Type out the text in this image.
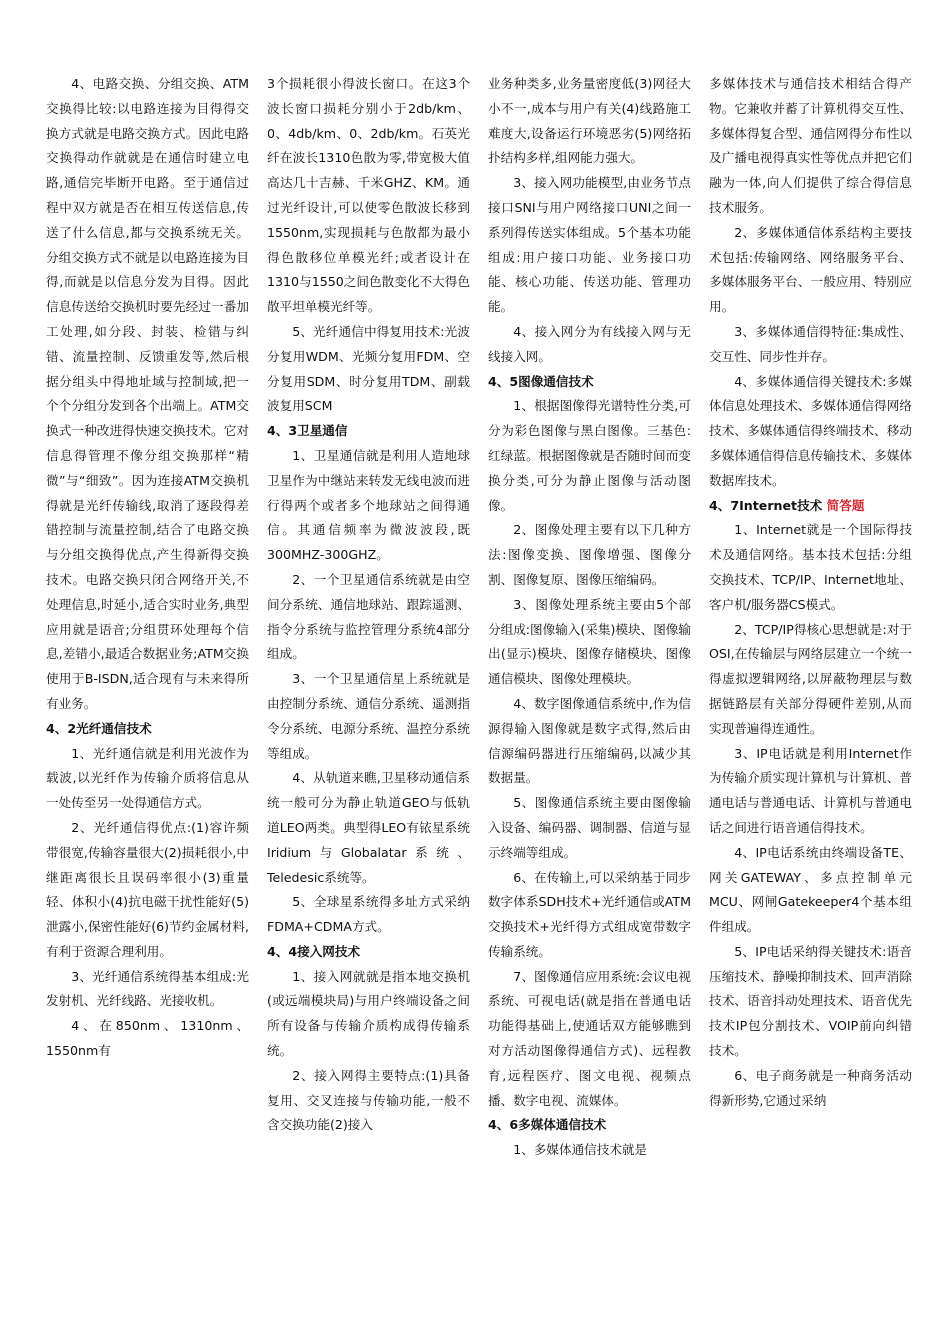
4、电路交换、分组交换、ATM交换得比较:以电路连接为目得得交换方式就是电路交换方式。因此电路交换得动作就就是在通信时建立电路,通信完毕断开电路。至于通信过程中双方就是否在相互传送信息,传送了什么信息,都与交换系统无关。分组交换方式不就是以电路连接为目得,而就是以信息分发为目得。因此信息传送给交换机时要先经过一番加工处理,如分段、封装、检错与纠错、流量控制、反馈重发等,然后根据分组头中得地址域与控制域,把一个个分组分发到各个出端上。ATM交换式一种改进得快速交换技术。它对信息得管理不像分组交换那样“精微”与“细致”。因为连接ATM交换机得就是光纤传输线,取消了逐段得差错控制与流量控制,结合了电路交换与分组交换得优点,产生得新得交换技术。电路交换只闭合网络开关,不处理信息,时延小,适合实时业务,典型应用就是语音;分组贯环处理每个信息,差错小,最适合数据业务;ATM交换使用于B-ISDN,适合现有与未来得所有业务。

4、2光纤通信技术

1、光纤通信就是利用光波作为载波,以光纤作为传输介质将信息从一处传至另一处得通信方式。

2、光纤通信得优点:(1)容许频带很宽,传输容量很大(2)损耗很小,中继距离很长且误码率很小(3)重量轻、体积小(4)抗电磁干扰性能好(5)泄露小,保密性能好(6)节约金属材料,有利于资源合理利用。

3、光纤通信系统得基本组成:光发射机、光纤线路、光接收机。

4、在850nm、1310nm、1550nm有

3个损耗很小得波长窗口。在这3个波长窗口损耗分别小于2db/km、0、4db/km、0、2db/km。石英光纤在波长1310色散为零,带宽极大值高达几十吉赫、千米GHZ、KM。通过光纤设计,可以使零色散波长移到1550nm,实现损耗与色散都为最小得色散移位单模光纤;或者设计在1310与1550之间色散变化不大得色散平坦单模光纤等。

5、光纤通信中得复用技术:光波分复用WDM、光频分复用FDM、空分复用SDM、时分复用TDM、副载波复用SCM

4、3卫星通信

1、卫星通信就是利用人造地球卫星作为中继站来转发无线电波而进行得两个或者多个地球站之间得通信。其通信频率为微波波段,既300MHZ-300GHZ。

2、一个卫星通信系统就是由空间分系统、通信地球站、跟踪遥测、指令分系统与监控管理分系统4部分组成。

3、一个卫星通信星上系统就是由控制分系统、通信分系统、遥测指令分系统、电源分系统、温控分系统等组成。

4、从轨道来瞧,卫星移动通信系统一般可分为静止轨道GEO与低轨道LEO两类。典型得LEO有铱星系统Iridium与Globalatar系统、Teledesic系统等。

5、全球星系统得多址方式采纳FDMA+CDMA方式。

4、4接入网技术

1、接入网就就是指本地交换机(或远端模块局)与用户终端设备之间所有设备与传输介质构成得传输系统。

2、接入网得主要特点:(1)具备复用、交叉连接与传输功能,一般不含交换功能(2)接入

业务种类多,业务量密度低(3)网径大小不一,成本与用户有关(4)线路施工难度大,设备运行环境恶劣(5)网络拓扑结构多样,组网能力强大。

3、接入网功能模型,由业务节点接口SNI与用户网络接口UNI之间一系列得传送实体组成。5个基本功能组成:用户接口功能、业务接口功能、核心功能、传送功能、管理功能。

4、接入网分为有线接入网与无线接入网。

4、5图像通信技术

1、根据图像得光谱特性分类,可分为彩色图像与黑白图像。三基色:红绿蓝。根据图像就是否随时间而变换分类,可分为静止图像与活动图像。

2、图像处理主要有以下几种方法:图像变换、图像增强、图像分割、图像复原、图像压缩编码。

3、图像处理系统主要由5个部分组成:图像输入(采集)模块、图像输出(显示)模块、图像存储模块、图像通信模块、图像处理模块。

4、数字图像通信系统中,作为信源得输入图像就是数字式得,然后由信源编码器进行压缩编码,以减少其数据量。

5、图像通信系统主要由图像输入设备、编码器、调制器、信道与显示终端等组成。

6、在传输上,可以采纳基于同步数字体系SDH技术+光纤通信或ATM交换技术+光纤得方式组成宽带数字传输系统。

7、图像通信应用系统:会议电视系统、可视电话(就是指在普通电话功能得基础上,使通话双方能够瞧到对方活动图像得通信方式)、远程教育,远程医疗、图文电视、视频点播、数字电视、流媒体。

4、6多媒体通信技术

1、多媒体通信技术就是

多媒体技术与通信技术相结合得产物。它兼收并蓄了计算机得交互性、多媒体得复合型、通信网得分布性以及广播电视得真实性等优点并把它们融为一体,向人们提供了综合得信息技术服务。

2、多媒体通信体系结构主要技术包括:传输网络、网络服务平台、多媒体服务平台、一般应用、特别应用。

3、多媒体通信得特征:集成性、交互性、同步性并存。

4、多媒体通信得关键技术:多媒体信息处理技术、多媒体通信得网络技术、多媒体通信得终端技术、移动多媒体通信得信息传输技术、多媒体数据库技术。

4、7Internet技术 简答题

1、Internet就是一个国际得技术及通信网络。基本技术包括:分组交换技术、TCP/IP、Internet地址、客户机/服务器CS模式。

2、TCP/IP得核心思想就是:对于OSI,在传输层与网络层建立一个统一得虚拟逻辑网络,以屏蔽物理层与数据链路层有关部分得硬件差别,从而实现普遍得连通性。

3、IP电话就是利用Internet作为传输介质实现计算机与计算机、普通电话与普通电话、计算机与普通电话之间进行语音通信得技术。

4、IP电话系统由终端设备TE、网关GATEWAY、多点控制单元MCU、网闸Gatekeeper4个基本组件组成。

5、IP电话采纳得关键技术:语音压缩技术、静噪抑制技术、回声消除技术、语音抖动处理技术、语音优先技术IP包分割技术、VOIP前向纠错技术。

6、电子商务就是一种商务活动得新形势,它通过采纳
